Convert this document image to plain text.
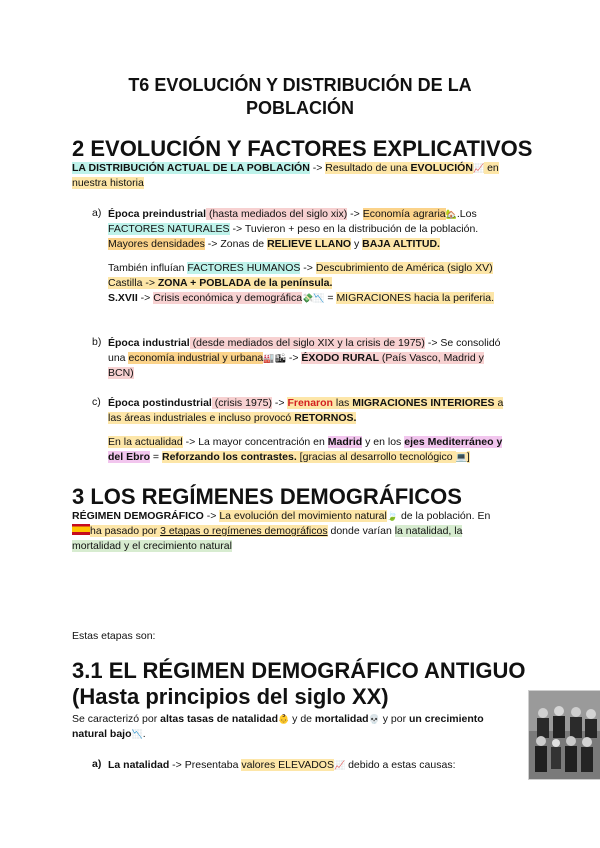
T6 EVOLUCIÓN Y DISTRIBUCIÓN DE LA
POBLACIÓN
2 EVOLUCIÓN Y FACTORES EXPLICATIVOS
LA DISTRIBUCIÓN ACTUAL DE LA POBLACIÓN -> Resultado de una EVOLUCIÓN📈 en
nuestra historia
a) Época preindustrial (hasta mediados del siglo xix) -> Economía agraria🏡.Los
FACTORES NATURALES -> Tuvieron + peso en la distribución de la población.
Mayores densidades -> Zonas de RELIEVE LLANO y BAJA ALTITUD.
También influían FACTORES HUMANOS -> Descubrimiento de América (siglo XV)
Castilla -> ZONA + POBLADA de la península.
S.XVII -> Crisis económica y demográfica💸📉 = MIGRACIONES hacia la periferia.
b) Época industrial (desde mediados del siglo XIX y la crisis de 1975) -> Se consolidó
una economía industrial y urbana🏭🏙 -> ÉXODO RURAL (País Vasco, Madrid y
BCN)
c) Época postindustrial (crisis 1975) -> Frenaron las MIGRACIONES INTERIORES a
las áreas industriales e incluso provocó RETORNOS.
En la actualidad -> La mayor concentración en Madrid y en los ejes Mediterráneo y
del Ebro = Reforzando los contrastes. [gracias al desarrollo tecnológico 💻]
3 LOS REGÍMENES DEMOGRÁFICOS
RÉGIMEN DEMOGRÁFICO -> La evolución del movimiento natural🍃 de la población. En
ha pasado por 3 etapas o regímenes demográficos donde varían la natalidad, la
mortalidad y el crecimiento natural
Estas etapas son:
3.1 EL RÉGIMEN DEMOGRÁFICO ANTIGUO
(Hasta principios del siglo XX)
Se caracterizó por altas tasas de natalidad👶 y de mortalidad💀 y por un crecimiento
natural bajo📉.
a) La natalidad -> Presentaba valores ELEVADOS📈 debido a estas causas:
